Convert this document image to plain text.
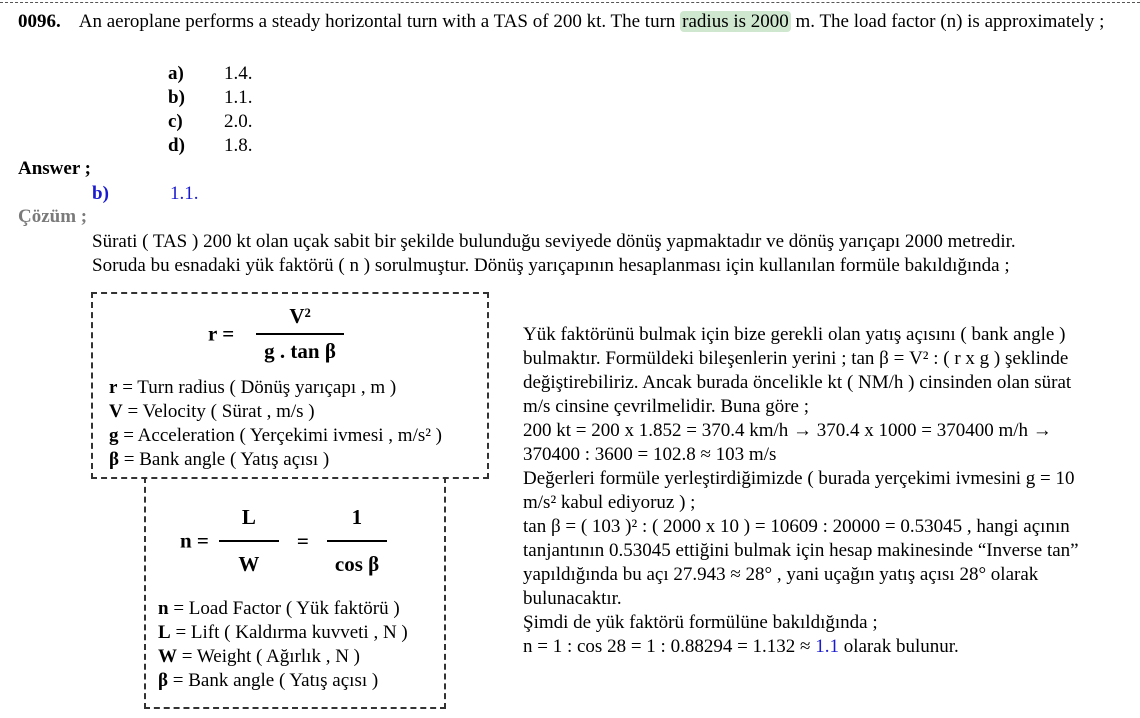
0096. An aeroplane performs a steady horizontal turn with a TAS of 200 kt. The turn radius is 2000 m. The load factor (n) is approximately ;
a) 1.4.
b) 1.1.
c) 2.0.
d) 1.8.
Answer ;
b)	1.1.
Çözüm ;
Sürati ( TAS ) 200 kt olan uçak sabit bir şekilde bulunduğu seviyede dönüş yapmaktadır ve dönüş yarıçapı 2000 metredir.
Soruda bu esnadaki yük faktörü ( n ) sorulmuştur. Dönüş yarıçapının hesaplanması için kullanılan formüle bakıldığında ;
$r = \frac{\text{V²}}{\text{g . tan β}}$
r = Turn radius ( Dönüş yarıçapı , m )
V = Velocity ( Sürat , m/s )
g = Acceleration ( Yerçekimi ivmesi , m/s² )
β = Bank angle ( Yatış açısı )
$n = \frac{L}{W} = \frac{1}{\text{cos β}}$
n = Load Factor ( Yük faktörü )
L = Lift ( Kaldırma kuvveti , N )
W = Weight ( Ağırlık , N )
β = Bank angle ( Yatış açısı )
Yük faktörünü bulmak için bize gerekli olan yatış açısını ( bank angle )
bulmaktır. Formüldeki bileşenlerin yerini ; tan β = V² : ( r x g ) şeklinde
değiştirebiliriz. Ancak burada öncelikle kt ( NM/h ) cinsinden olan sürat
m/s cinsine çevrilmelidir. Buna göre ;
200 kt = 200 x 1.852 = 370.4 km/h → 370.4 x 1000 = 370400 m/h →
370400 : 3600 = 102.8 ≈ 103 m/s
Değerleri formüle yerleştirdiğimizde ( burada yerçekimi ivmesini g = 10
m/s² kabul ediyoruz ) ;
tan β = ( 103 )² : ( 2000 x 10 ) = 10609 : 20000 = 0.53045 , hangi açının
tanjantının 0.53045 ettiğini bulmak için hesap makinesinde “Inverse tan”
yapıldığında bu açı 27.943 ≈ 28° , yani uçağın yatış açısı 28° olarak
bulunacaktır.
Şimdi de yük faktörü formülüne bakıldığında ;
n = 1 : cos 28 = 1 : 0.88294 = 1.132 ≈ 1.1 olarak bulunur.
